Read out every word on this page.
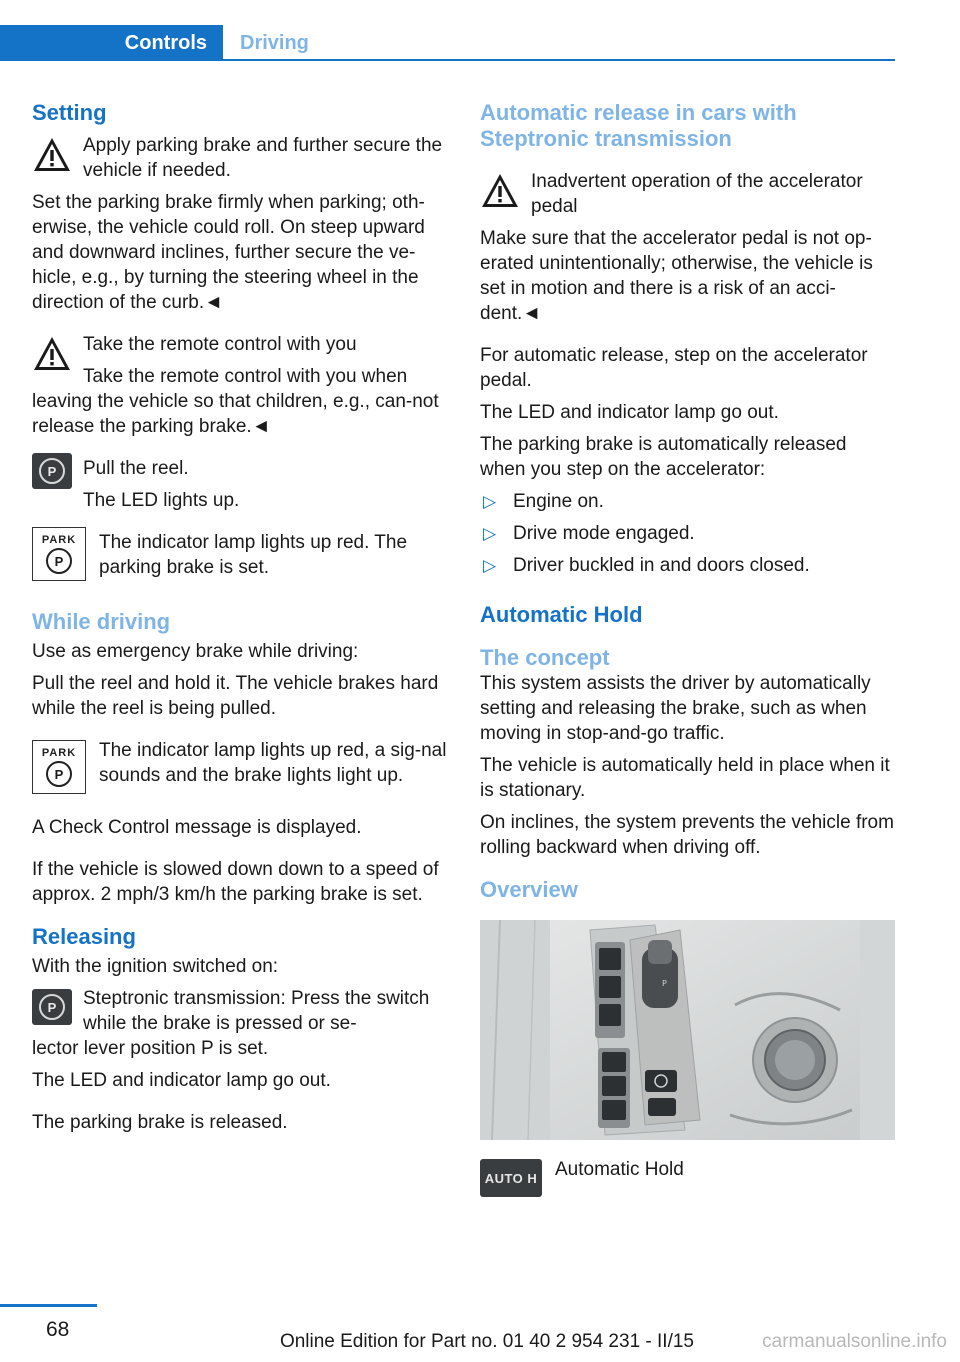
Controls Driving
Setting

Apply parking brake and further secure the vehicle if needed.

Set the parking brake firmly when parking; oth‐erwise, the vehicle could roll. On steep upward and downward inclines, further secure the ve‐hicle, e.g., by turning the steering wheel in the direction of the curb.◄

Take the remote control with you

Take the remote control with you when

leaving the vehicle so that children, e.g., can‐not release the parking brake.◄

P	Pull the reel.

The LED lights up.

PARK
P

The indicator lamp lights up red. The parking brake is set.

While driving

Use as emergency brake while driving:

Pull the reel and hold it. The vehicle brakes hard while the reel is being pulled.

PARK
P

The indicator lamp lights up red, a sig‐nal sounds and the brake lights light up.

A Check Control message is displayed.

If the vehicle is slowed down down to a speed of approx. 2 mph/3 km/h the parking brake is set.

Releasing

With the ignition switched on:

P	Steptronic transmission: Press the switch while the brake is pressed or se‐

lector lever position P is set.

The LED and indicator lamp go out.

The parking brake is released.

Automatic release in cars with Steptronic transmission

Inadvertent operation of the accelerator pedal

Make sure that the accelerator pedal is not op‐erated unintentionally; otherwise, the vehicle is set in motion and there is a risk of an acci‐dent.◄

For automatic release, step on the accelerator pedal.

The LED and indicator lamp go out.

The parking brake is automatically released when you step on the accelerator:

▷ Engine on.
▷ Drive mode engaged.
▷ Driver buckled in and doors closed.
Automatic Hold
The concept

This system assists the driver by automatically setting and releasing the brake, such as when moving in stop-and-go traffic.

The vehicle is automatically held in place when it is stationary.

On inclines, the system prevents the vehicle from rolling backward when driving off.

Overview
P
AUTO H Automatic Hold

68
Online Edition for Part no. 01 40 2 954 231 - II/15	carmanualsonline.info
